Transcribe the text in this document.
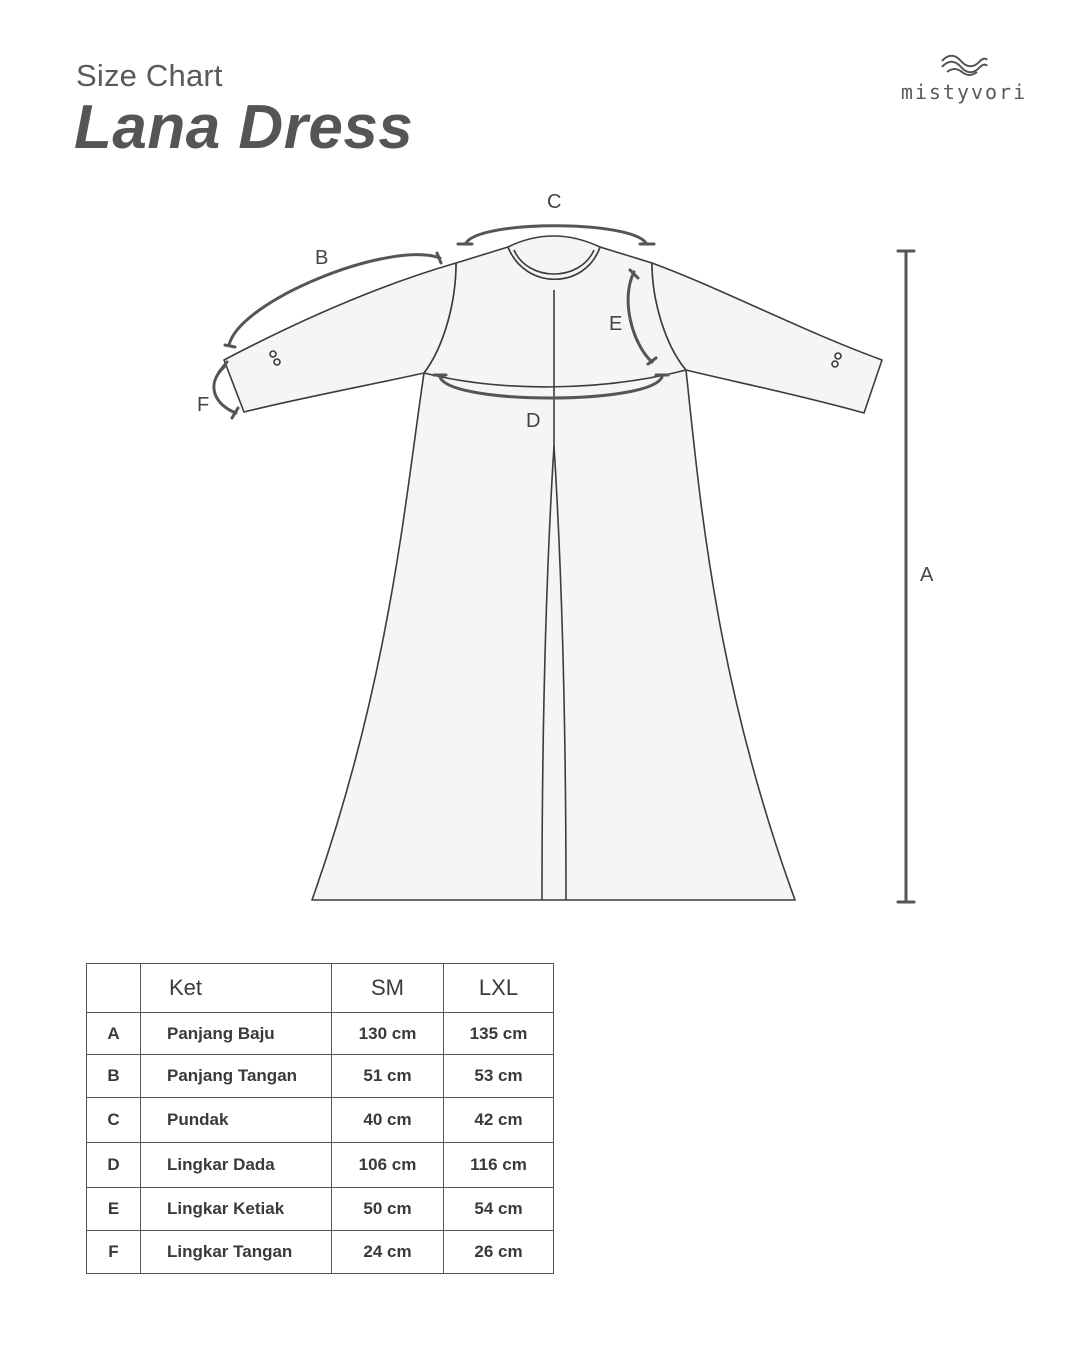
Size Chart
Lana Dress
mistyvori
A
B
C
D
E
F
	Ket	SM	LXL
A	Panjang Baju	130 cm	135 cm
B	Panjang Tangan	51 cm	53 cm
C	Pundak	40 cm	42 cm
D	Lingkar Dada	106 cm	116 cm
E	Lingkar Ketiak	50 cm	54 cm
F	Lingkar Tangan	24 cm	26 cm
